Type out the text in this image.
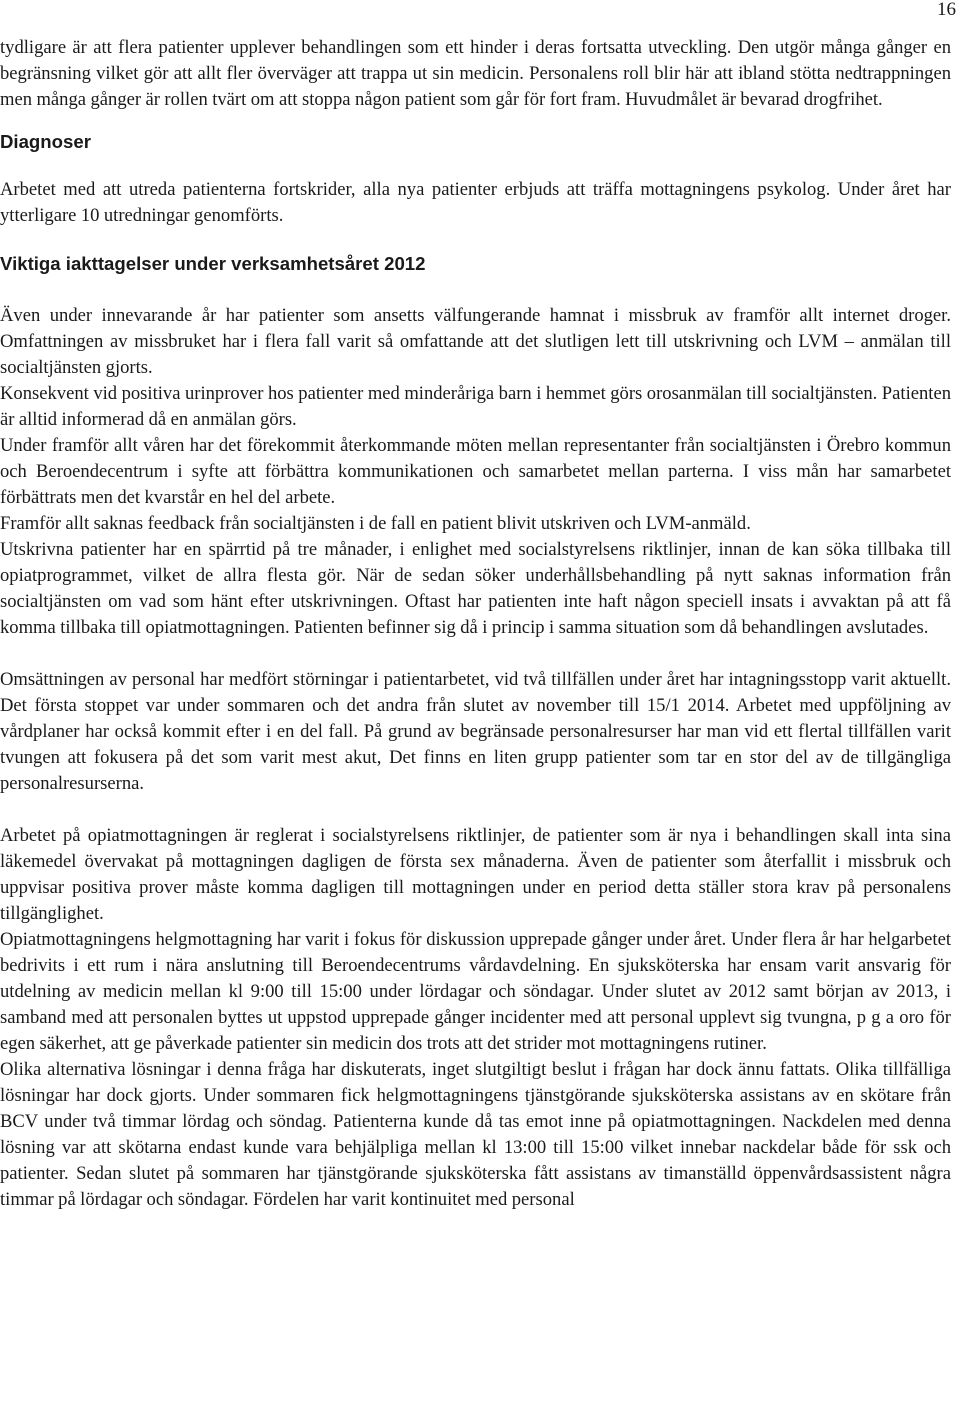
16

tydligare är att flera patienter upplever behandlingen som ett hinder i deras fortsatta utveckling. Den utgör många gånger en begränsning vilket gör att allt fler överväger att trappa ut sin medicin. Personalens roll blir här att ibland stötta nedtrappningen men många gånger är rollen tvärt om att stoppa någon patient som går för fort fram. Huvudmålet är bevarad drogfrihet.

Diagnoser

Arbetet med att utreda patienterna fortskrider, alla nya patienter erbjuds att träffa mottagningens psykolog. Under året har ytterligare 10 utredningar genomförts.

Viktiga iakttagelser under verksamhetsåret 2012

Även under innevarande år har patienter som ansetts välfungerande hamnat i missbruk av framför allt internet droger. Omfattningen av missbruket har i flera fall varit så omfattande att det slutligen lett till utskrivning och LVM – anmälan till socialtjänsten gjorts.

Konsekvent vid positiva urinprover hos patienter med minderåriga barn i hemmet görs orosanmälan till socialtjänsten. Patienten är alltid informerad då en anmälan görs.

Under framför allt våren har det förekommit återkommande möten mellan representanter från socialtjänsten i Örebro kommun och Beroendecentrum i syfte att förbättra kommunikationen och samarbetet mellan parterna. I viss mån har samarbetet förbättrats men det kvarstår en hel del arbete.

Framför allt saknas feedback från socialtjänsten i de fall en patient blivit utskriven och LVM-anmäld.

Utskrivna patienter har en spärrtid på tre månader, i enlighet med socialstyrelsens riktlinjer, innan de kan söka tillbaka till opiatprogrammet, vilket de allra flesta gör. När de sedan söker underhållsbehandling på nytt saknas information från socialtjänsten om vad som hänt efter utskrivningen. Oftast har patienten inte haft någon speciell insats i avvaktan på att få komma tillbaka till opiatmottagningen. Patienten befinner sig då i princip i samma situation som då behandlingen avslutades.

Omsättningen av personal har medfört störningar i patientarbetet, vid två tillfällen under året har intagningsstopp varit aktuellt. Det första stoppet var under sommaren och det andra från slutet av november till 15/1 2014. Arbetet med uppföljning av vårdplaner har också kommit efter i en del fall. På grund av begränsade personalresurser har man vid ett flertal tillfällen varit tvungen att fokusera på det som varit mest akut, Det finns en liten grupp patienter som tar en stor del av de tillgängliga personalresurserna.

Arbetet på opiatmottagningen är reglerat i socialstyrelsens riktlinjer, de patienter som är nya i behandlingen skall inta sina läkemedel övervakat på mottagningen dagligen de första sex månaderna. Även de patienter som återfallit i missbruk och uppvisar positiva prover måste komma dagligen till mottagningen under en period detta ställer stora krav på personalens tillgänglighet.

Opiatmottagningens helgmottagning har varit i fokus för diskussion upprepade gånger under året. Under flera år har helgarbetet bedrivits i ett rum i nära anslutning till Beroendecentrums vårdavdelning. En sjuksköterska har ensam varit ansvarig för utdelning av medicin mellan kl 9:00 till 15:00 under lördagar och söndagar. Under slutet av 2012 samt början av 2013, i samband med att personalen byttes ut uppstod upprepade gånger incidenter med att personal upplevt sig tvungna, p g a oro för egen säkerhet, att ge påverkade patienter sin medicin dos trots att det strider mot mottagningens rutiner.

Olika alternativa lösningar i denna fråga har diskuterats, inget slutgiltigt beslut i frågan har dock ännu fattats. Olika tillfälliga lösningar har dock gjorts. Under sommaren fick helgmottagningens tjänstgörande sjuksköterska assistans av en skötare från BCV under två timmar lördag och söndag. Patienterna kunde då tas emot inne på opiatmottagningen. Nackdelen med denna lösning var att skötarna endast kunde vara behjälpliga mellan kl 13:00 till 15:00 vilket innebar nackdelar både för ssk och patienter. Sedan slutet på sommaren har tjänstgörande sjuksköterska fått assistans av timanställd öppenvårdsassistent några timmar på lördagar och söndagar. Fördelen har varit kontinuitet med personal
